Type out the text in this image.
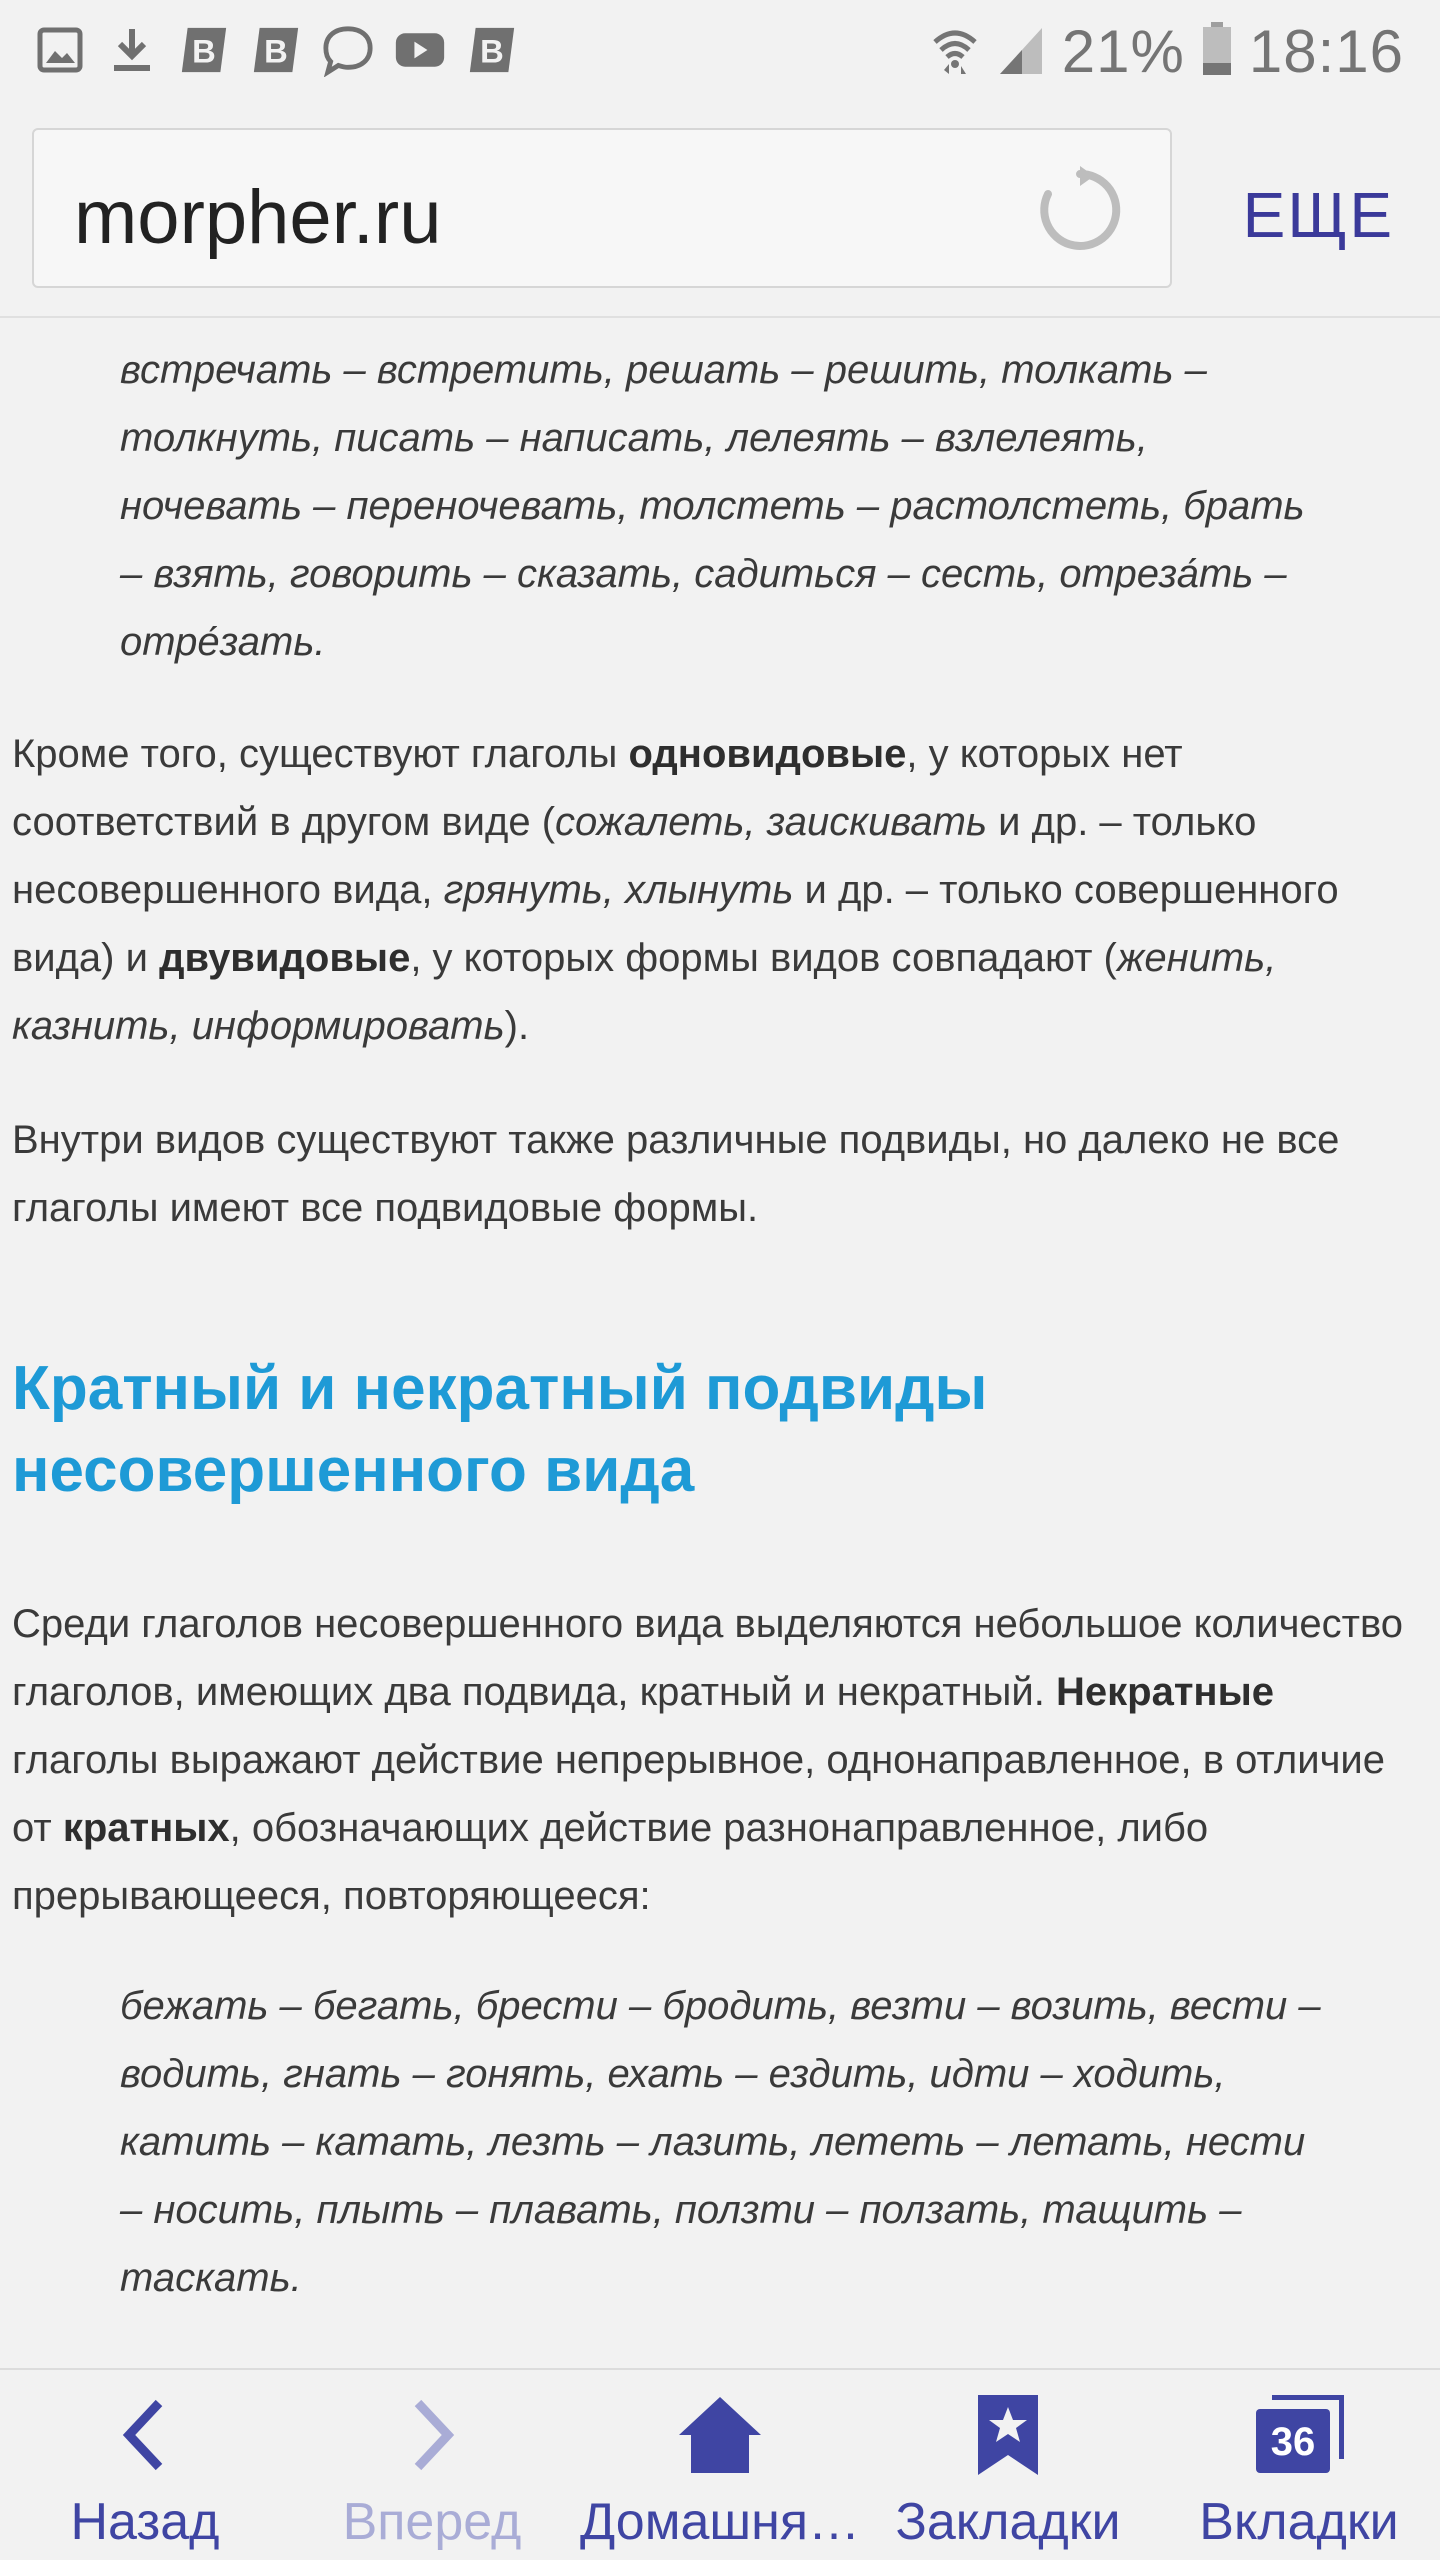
B B	B	21% 18:16
morpher.ru	ЕЩЕ
встречать – встретить, решать – решить, толкать – толкнуть, писать – написать, лелеять – взлелеять, ночевать – переночевать, толстеть – растолстеть, брать – взять, говорить – сказать, садиться – сесть, отреза́ть – отре́зать.
Кроме того, существуют глаголы одновидовые, у которых нет соответствий в другом виде (сожалеть, заискивать и др. – только несовершенного вида, грянуть, хлынуть и др. – только совершенного вида) и двувидовые, у которых формы видов совпадают (женить, казнить, информировать).
Внутри видов существуют также различные подвиды, но далеко не все глаголы имеют все подвидовые формы.
Кратный и некратный подвиды несовершенного вида
Среди глаголов несовершенного вида выделяются небольшое количество глаголов, имеющих два подвида, кратный и некратный. Некратные глаголы выражают действие непрерывное, однонаправленное, в отличие от кратных, обозначающих действие разнонаправленное, либо прерывающееся, повторяющееся:
бежать – бегать, брести – бродить, везти – возить, вести – водить, гнать – гонять, ехать – ездить, идти – ходить, катить – катать, лезть – лазить, лететь – летать, нести – носить, плыть – плавать, ползти – ползать, тащить – таскать.
Назад Вперед Домашня… Закладки
36
Вкладки
